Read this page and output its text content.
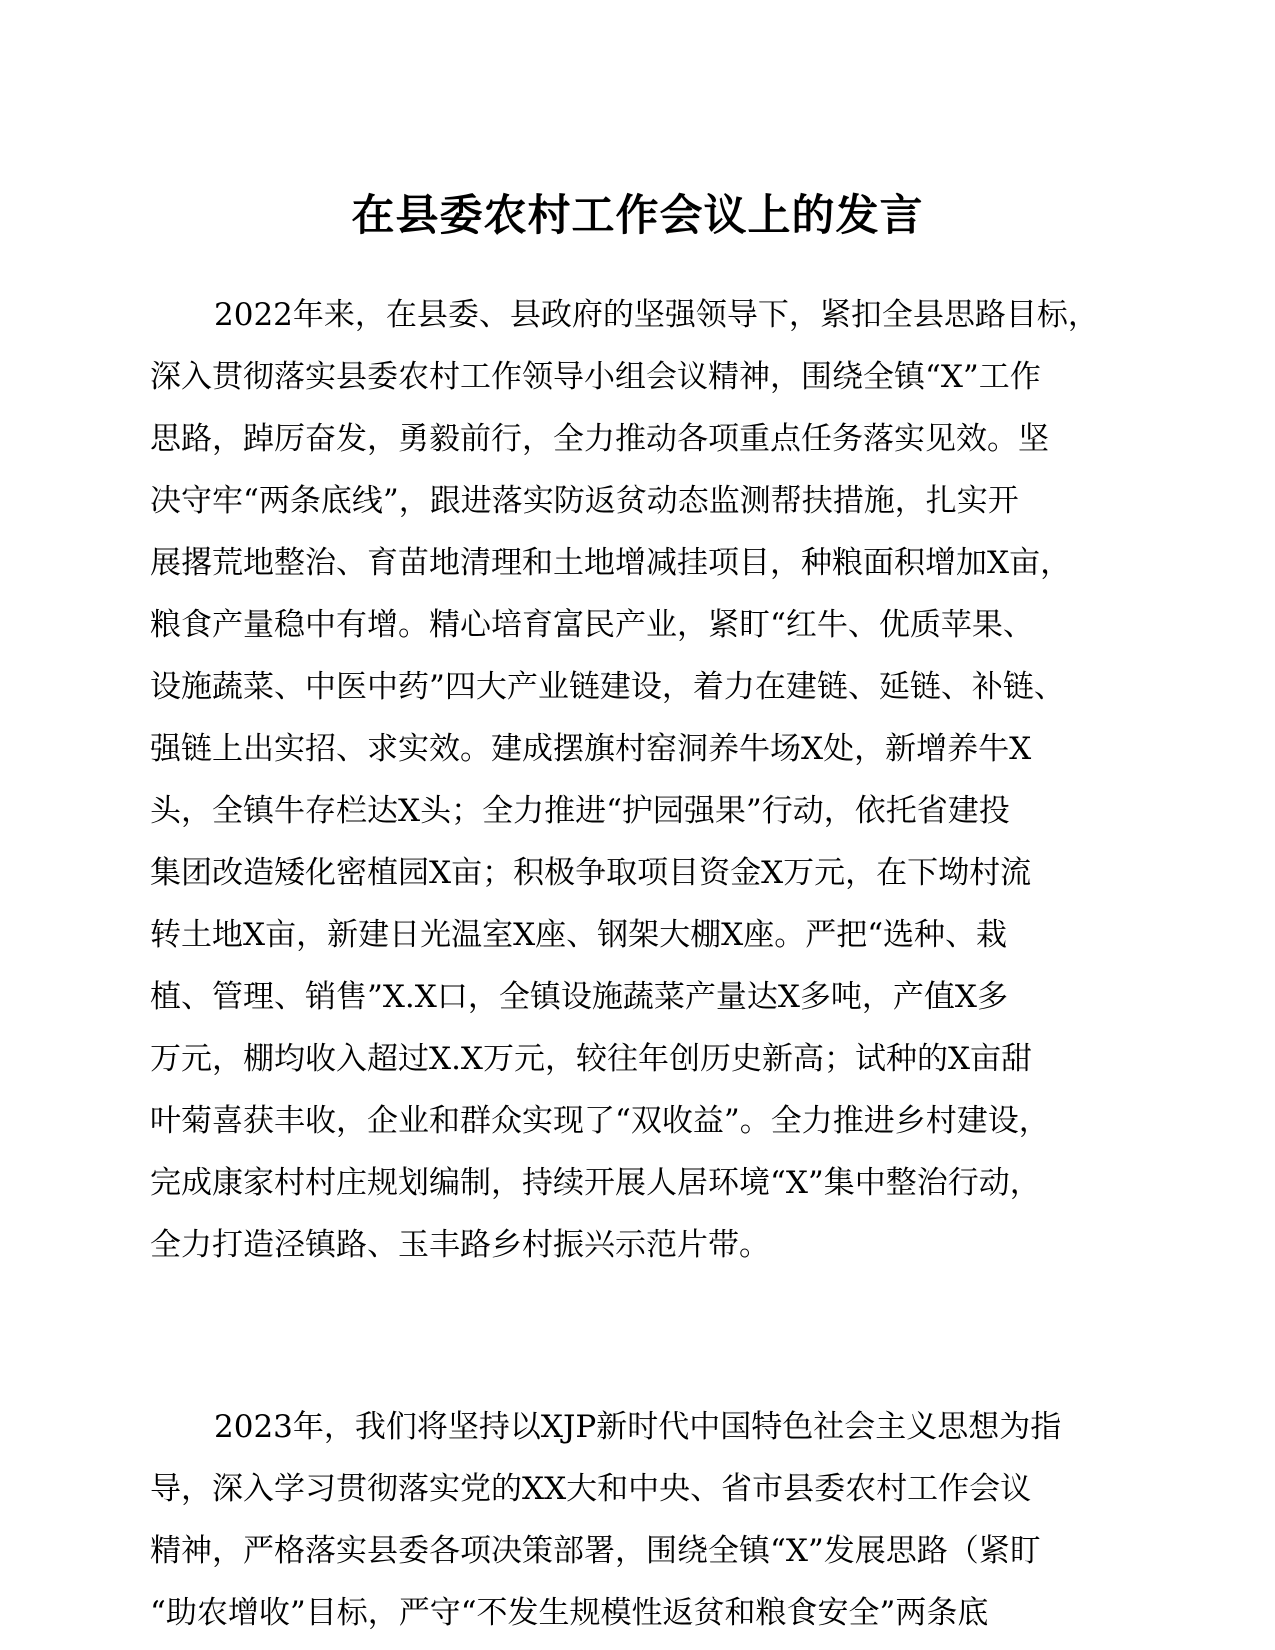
在县委农村工作会议上的发言
2022年来，在县委、县政府的坚强领导下，紧扣全县思路目标，
深入贯彻落实县委农村工作领导小组会议精神，围绕全镇“X”工作
思路，踔厉奋发，勇毅前行，全力推动各项重点任务落实见效。坚
决守牢“两条底线”，跟进落实防返贫动态监测帮扶措施，扎实开
展撂荒地整治、育苗地清理和土地增减挂项目，种粮面积增加X亩，
粮食产量稳中有增。精心培育富民产业，紧盯“红牛、优质苹果、
设施蔬菜、中医中药”四大产业链建设，着力在建链、延链、补链、
强链上出实招、求实效。建成摆旗村窑洞养牛场X处，新增养牛X
头，全镇牛存栏达X头；全力推进“护园强果”行动，依托省建投
集团改造矮化密植园X亩；积极争取项目资金X万元，在下坳村流
转土地X亩，新建日光温室X座、钢架大棚X座。严把“选种、栽
植、管理、销售”X.X口，全镇设施蔬菜产量达X多吨，产值X多
万元，棚均收入超过X.X万元，较往年创历史新高；试种的X亩甜
叶菊喜获丰收，企业和群众实现了“双收益”。全力推进乡村建设，
完成康家村村庄规划编制，持续开展人居环境“X”集中整治行动，
全力打造泾镇路、玉丰路乡村振兴示范片带。
2023年，我们将坚持以XJP新时代中国特色社会主义思想为指
导，深入学习贯彻落实党的XX大和中央、省市县委农村工作会议
精神，严格落实县委各项决策部署，围绕全镇“X”发展思路（紧盯
“助农增收”目标，严守“不发生规模性返贫和粮食安全”两条底
